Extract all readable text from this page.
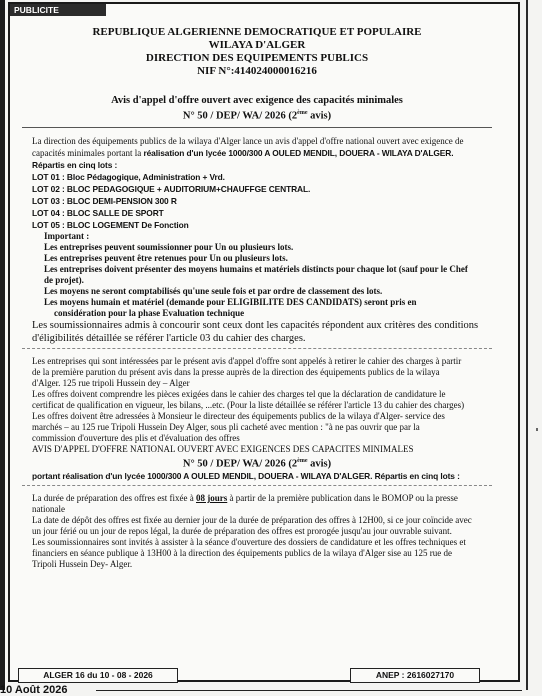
PUBLICITE
REPUBLIQUE ALGERIENNE DEMOCRATIQUE ET POPULAIRE
WILAYA D'ALGER
DIRECTION DES EQUIPEMENTS PUBLICS
NIF N°:414024000016216
Avis d'appel d'offre ouvert avec exigence des capacités minimales
N° 50 / DEP/ WA/ 2026 (2ème avis)

La direction des équipements publics de la wilaya d'Alger lance un avis d'appel d'offre national ouvert avec exigence de

capacités minimales portant la réalisation d'un lycée 1000/300 A OULED MENDIL, DOUERA - WILAYA D'ALGER.

Répartis en cinq lots :

LOT 01 : Bloc Pédagogique, Administration + Vrd.

LOT 02 : BLOC PEDAGOGIQUE + AUDITORIUM+CHAUFFGE CENTRAL.

LOT 03 : BLOC DEMI-PENSION 300 R

LOT 04 : BLOC SALLE DE SPORT

LOT 05 : BLOC LOGEMENT De Fonction

Important :

Les entreprises peuvent soumissionner pour Un ou plusieurs lots.

Les entreprises peuvent être retenues pour Un ou plusieurs lots.

Les entreprises doivent présenter des moyens humains et matériels distincts pour chaque lot (sauf pour le Chef

de projet).

Les moyens ne seront comptabilisés qu'une seule fois et par ordre de classement des lots.

Les moyens humain et matériel (demande pour ELIGIBILITE DES CANDIDATS) seront pris en

considération pour la phase Evaluation technique

Les soumissionnaires admis à concourir sont ceux dont les capacités répondent aux critères des conditions

d'éligibilités détaillée se référer l'article 03 du cahier des charges.

Les entreprises qui sont intéressées par le présent avis d'appel d'offre sont appelés à retirer le cahier des charges à partir

de la première parution du présent avis dans la presse auprès de la direction des équipements publics de la wilaya

d'Alger. 125 rue tripoli Hussein dey – Alger

Les offres doivent comprendre les pièces exigées dans le cahier des charges tel que la déclaration de candidature le

certificat de qualification en vigueur, les bilans, ...etc. (Pour la liste détaillée se référer l'article 13 du cahier des charges)

Les offres doivent être adressées à Monsieur le directeur des équipements publics de la wilaya d'Alger- service des

marchés – au 125 rue Tripoli Hussein Dey Alger, sous pli cacheté avec mention : "à ne pas ouvrir que par la

commission d'ouverture des plis et d'évaluation des offres

AVIS D'APPEL D'OFFRE NATIONAL OUVERT AVEC EXIGENCES DES CAPACITES MINIMALES

N° 50 / DEP/ WA/ 2026 (2ème avis)

portant réalisation d'un lycée 1000/300 A OULED MENDIL, DOUERA - WILAYA D'ALGER. Répartis en cinq lots :

La durée de préparation des offres est fixée à 08 jours à partir de la première publication dans le BOMOP ou la presse

nationale

La date de dépôt des offres est fixée au dernier jour de la durée de préparation des offres à 12H00, si ce jour coïncide avec

un jour férié ou un jour de repos légal, la durée de préparation des offres est prorogée jusqu'au jour ouvrable suivant.

Les soumissionnaires sont invités à assister à la séance d'ouverture des dossiers de candidature et les offres techniques et

financiers en séance publique à 13H00 à la direction des équipements publics de la wilaya d'Alger sise au 125 rue de

Tripoli Hussein Dey- Alger.

ALGER 16 du 10 - 08 - 2026	ANEP : 2616027170
10 Août 2026
